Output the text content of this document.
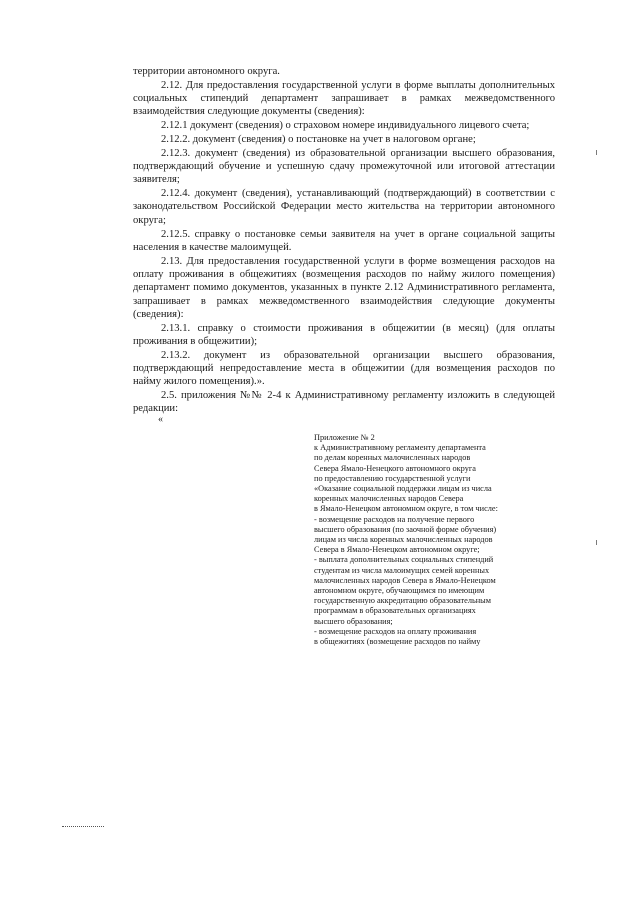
территории автономного округа.

2.12. Для предоставления государственной услуги в форме выплаты дополнительных социальных стипендий департамент запрашивает в рамках межведомственного взаимодействия следующие документы (сведения):

2.12.1 документ (сведения) о страховом номере индивидуального лицевого счета;

2.12.2. документ (сведения) о постановке на учет в налоговом органе;

2.12.3. документ (сведения) из образовательной организации высшего образования, подтверждающий обучение и успешную сдачу промежуточной или итоговой аттестации заявителя;

2.12.4. документ (сведения), устанавливающий (подтверждающий) в соответствии с законодательством Российской Федерации место жительства на территории автономного округа;

2.12.5. справку о постановке семьи заявителя на учет в органе социальной защиты населения в качестве малоимущей.

2.13. Для предоставления государственной услуги в форме возмещения расходов на оплату проживания в общежитиях (возмещения расходов по найму жилого помещения) департамент помимо документов, указанных в пункте 2.12 Административного регламента, запрашивает в рамках межведомственного взаимодействия следующие документы (сведения):

2.13.1. справку о стоимости проживания в общежитии (в месяц) (для оплаты проживания в общежитии);

2.13.2. документ из образовательной организации высшего образования, подтверждающий непредоставление места в общежитии (для возмещения расходов по найму жилого помещения).».

2.5. приложения №№ 2-4 к Административному регламенту изложить в следующей редакции:

«

Приложение № 2

к Административному регламенту департамента

по делам коренных малочисленных народов

Севера Ямало-Ненецкого автономного округа

по предоставлению государственной услуги

«Оказание социальной поддержки лицам из числа

коренных малочисленных народов Севера

в Ямало-Ненецком автономном округе, в том числе:

- возмещение расходов на получение первого

высшего образования (по заочной форме обучения)

лицам из числа коренных малочисленных народов

Севера в Ямало-Ненецком автономном округе;

- выплата дополнительных социальных стипендий

студентам из числа малоимущих семей коренных

малочисленных народов Севера в Ямало-Ненецком

автономном округе, обучающимся по имеющим

государственную аккредитацию образовательным

программам в образовательных организациях

высшего образования;

- возмещение расходов на оплату проживания

в общежитиях (возмещение расходов по найму
